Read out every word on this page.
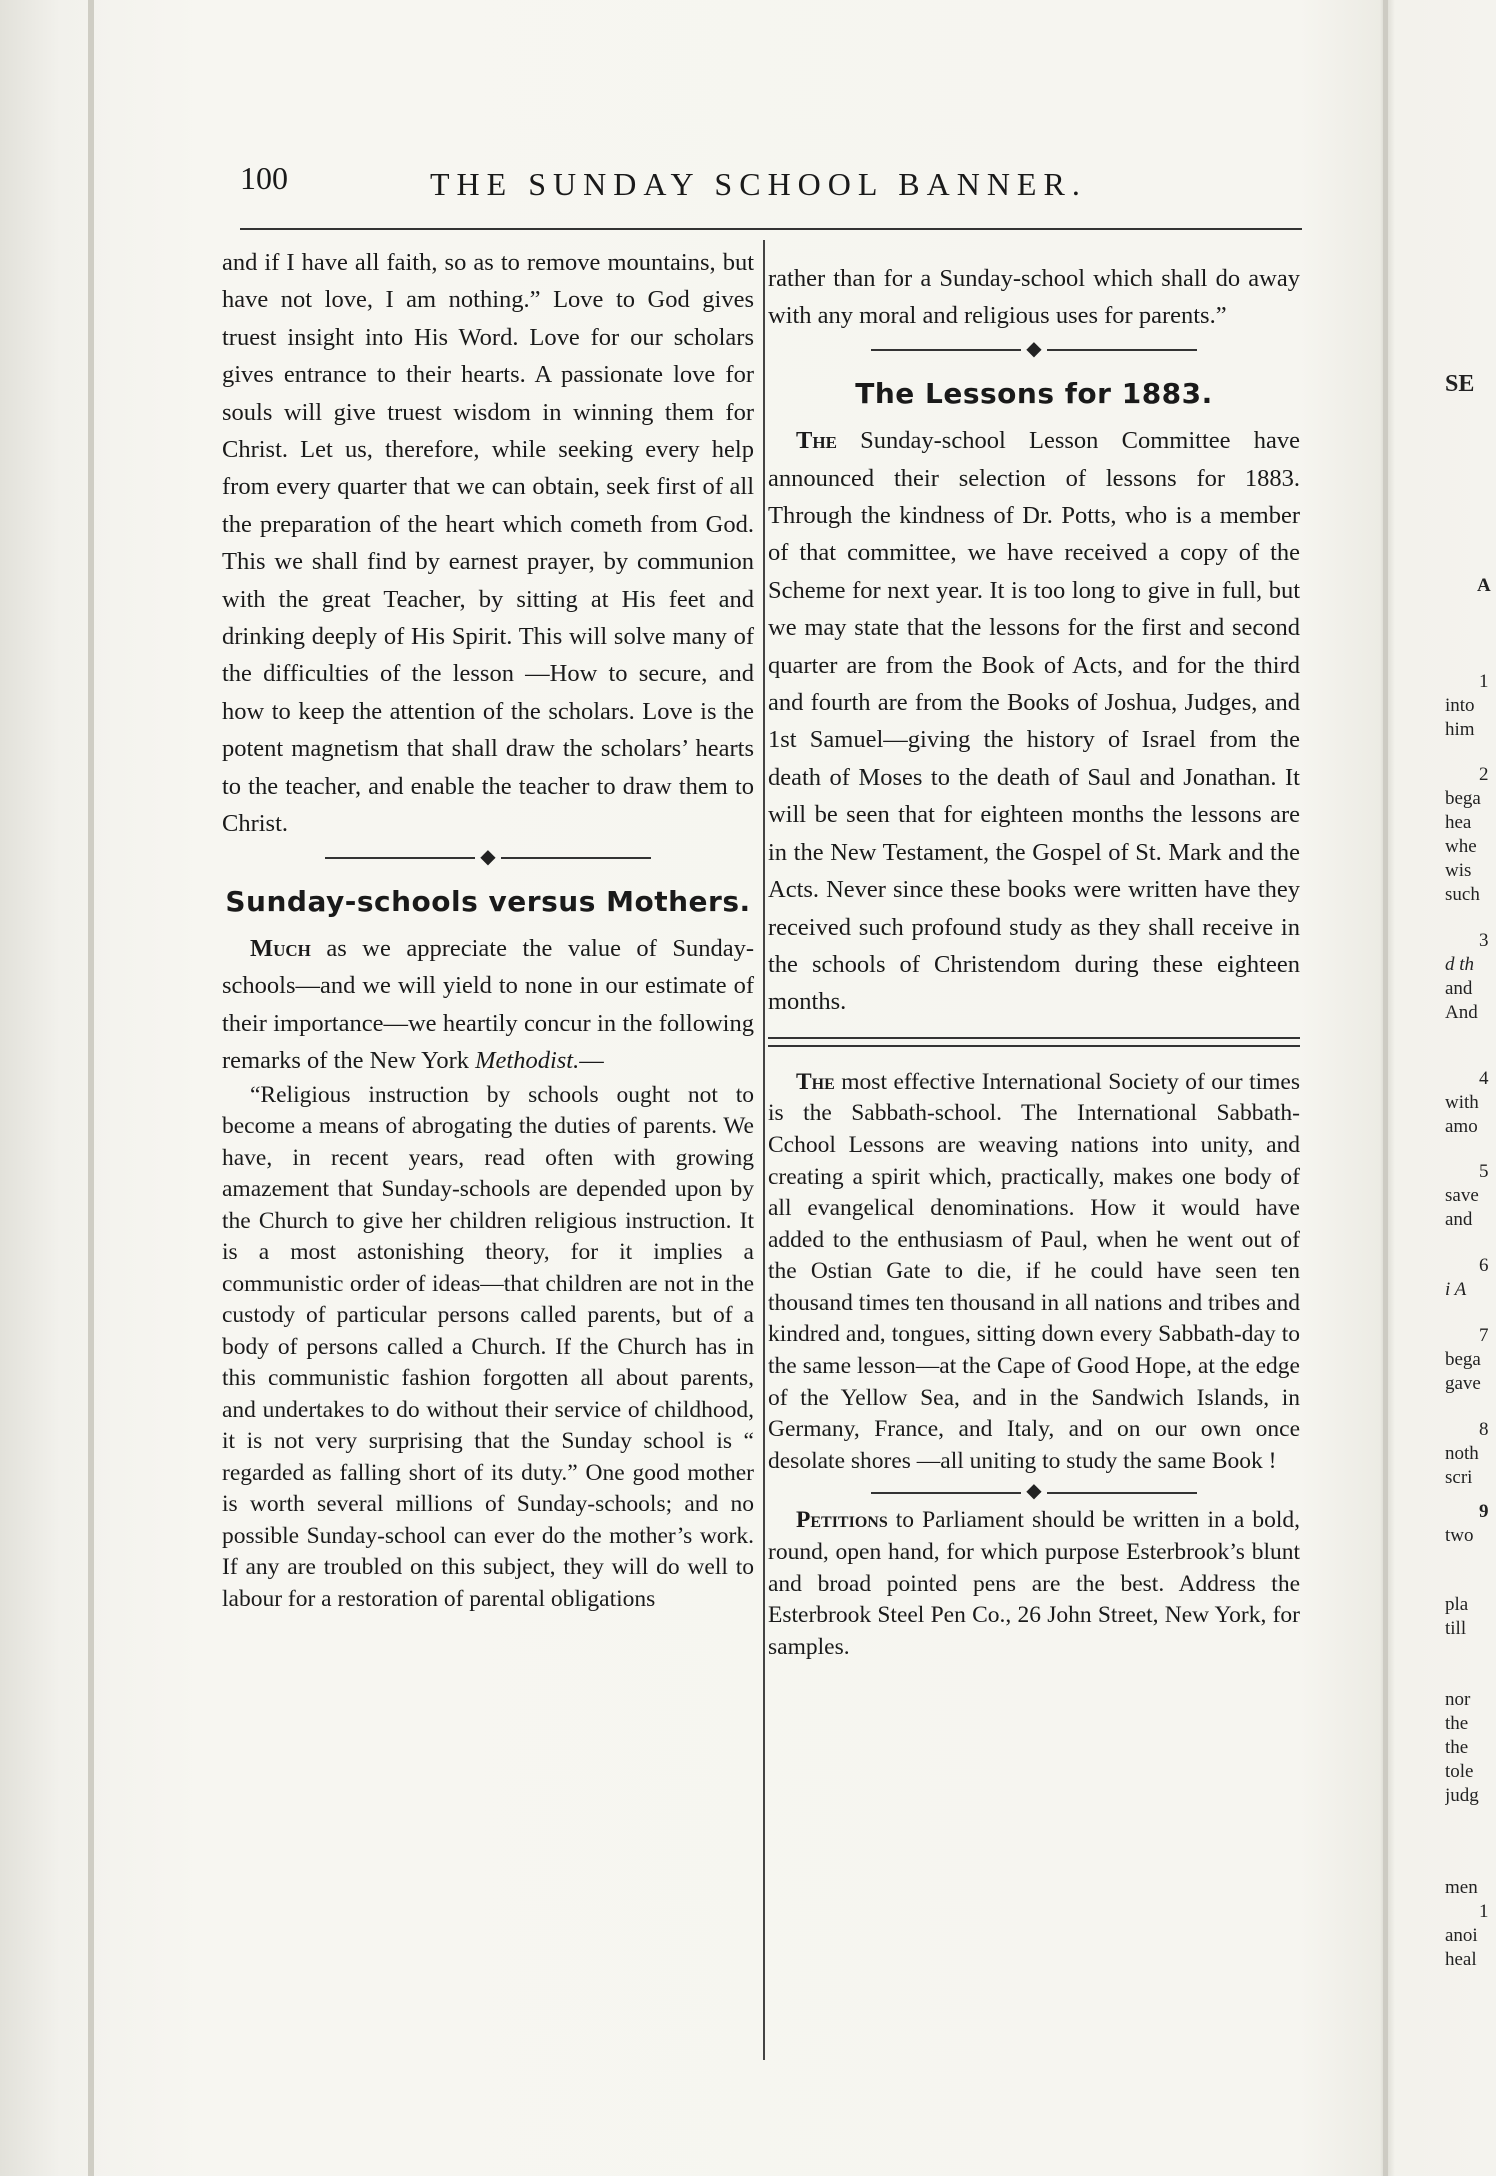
100	THE SUNDAY SCHOOL BANNER.

and if I have all faith, so as to remove mountains, but have not love, I am nothing.” Love to God gives truest insight into His Word. Love for our scholars gives entrance to their hearts. A passionate love for souls will give truest wisdom in winning them for Christ. Let us, therefore, while seeking every help from every quarter that we can obtain, seek first of all the preparation of the heart which cometh from God. This we shall find by earnest prayer, by communion with the great Teacher, by sitting at His feet and drinking deeply of His Spirit. This will solve many of the difficulties of the lesson —How to secure, and how to keep the attention of the scholars. Love is the potent magnetism that shall draw the scholars’ hearts to the teacher, and enable the teacher to draw them to Christ.

◆
Sunday-schools versus Mothers.

Much as we appreciate the value of Sunday-schools—and we will yield to none in our estimate of their importance—we heartily concur in the following remarks of the New York Methodist.—

“Religious instruction by schools ought not to become a means of abrogating the duties of parents. We have, in recent years, read often with growing amazement that Sunday-schools are depended upon by the Church to give her children religious instruction. It is a most astonishing theory, for it implies a communistic order of ideas—that children are not in the custody of particular persons called parents, but of a body of persons called a Church. If the Church has in this communistic fashion forgotten all about parents, and undertakes to do without their service of childhood, it is not very surprising that the Sunday school is “ regarded as falling short of its duty.” One good mother is worth several millions of Sunday-schools; and no possible Sunday-school can ever do the mother’s work. If any are troubled on this subject, they will do well to labour for a restoration of parental obligations

rather than for a Sunday-school which shall do away with any moral and religious uses for parents.”

◆
The Lessons for 1883.

The Sunday-school Lesson Committee have announced their selection of lessons for 1883. Through the kindness of Dr. Potts, who is a member of that committee, we have received a copy of the Scheme for next year. It is too long to give in full, but we may state that the lessons for the first and second quarter are from the Book of Acts, and for the third and fourth are from the Books of Joshua, Judges, and 1st Samuel—giving the history of Israel from the death of Moses to the death of Saul and Jonathan. It will be seen that for eighteen months the lessons are in the New Testament, the Gospel of St. Mark and the Acts. Never since these books were written have they received such profound study as they shall receive in the schools of Christendom during these eighteen months.

The most effective International Society of our times is the Sabbath-school. The International Sabbath-Cchool Lessons are weaving nations into unity, and creating a spirit which, practically, makes one body of all evangelical denominations. How it would have added to the enthusiasm of Paul, when he went out of the Ostian Gate to die, if he could have seen ten thousand times ten thousand in all nations and tribes and kindred and, tongues, sitting down every Sabbath-day to the same lesson—at the Cape of Good Hope, at the edge of the Yellow Sea, and in the Sandwich Islands, in Germany, France, and Italy, and on our own once desolate shores —all uniting to study the same Book !

◆

Petitions to Parliament should be written in a bold, round, open hand, for which purpose Esterbrook’s blunt and broad pointed pens are the best. Address the Esterbrook Steel Pen Co., 26 John Street, New York, for samples.

SE
A
1
into
him
2
bega
hea
whe
wis
such
3
d th
and
And
4
with
amo
5
save
and
6
i A
7
bega
gave
8
noth
scri
9
two
pla
till
nor
the
the
tole
judg
men
1
anoi
heal
